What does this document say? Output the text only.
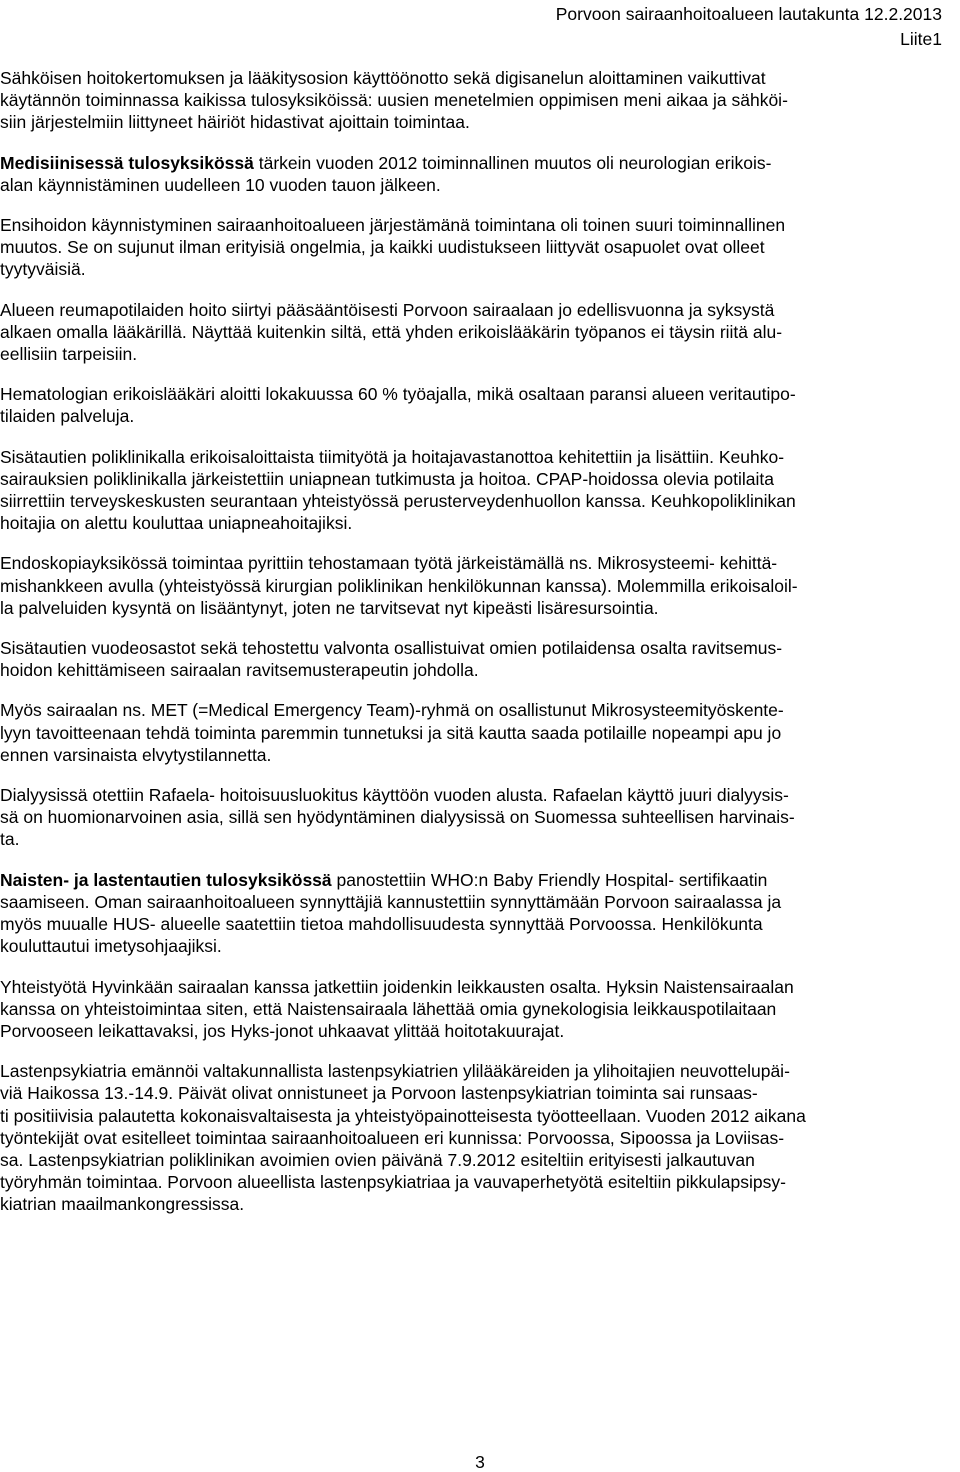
Porvoon sairaanhoitoalueen lautakunta 12.2.2013
Liite1

Sähköisen hoitokertomuksen ja lääkitysosion käyttöönotto sekä digisanelun aloittaminen vaikuttivat
käytännön toiminnassa kaikissa tulosyksiköissä: uusien menetelmien oppimisen meni aikaa ja sähköi-
siin järjestelmiin liittyneet häiriöt hidastivat ajoittain toimintaa.

Medisiinisessä tulosyksikössä tärkein vuoden 2012 toiminnallinen muutos oli neurologian erikois-
alan käynnistäminen uudelleen 10 vuoden tauon jälkeen.

Ensihoidon käynnistyminen sairaanhoitoalueen järjestämänä toimintana oli toinen suuri toiminnallinen
muutos. Se on sujunut ilman erityisiä ongelmia, ja kaikki uudistukseen liittyvät osapuolet ovat olleet
tyytyväisiä.

Alueen reumapotilaiden hoito siirtyi pääsääntöisesti Porvoon sairaalaan jo edellisvuonna ja syksystä
alkaen omalla lääkärillä. Näyttää kuitenkin siltä, että yhden erikoislääkärin työpanos ei täysin riitä alu-
eellisiin tarpeisiin.

Hematologian erikoislääkäri aloitti lokakuussa 60 % työajalla, mikä osaltaan paransi alueen veritautipo-
tilaiden palveluja.

Sisätautien poliklinikalla erikoisaloittaista tiimityötä ja hoitajavastanottoa kehitettiin ja lisättiin. Keuhko-
sairauksien poliklinikalla järkeistettiin uniapnean tutkimusta ja hoitoa. CPAP-hoidossa olevia potilaita
siirrettiin terveyskeskusten seurantaan yhteistyössä perusterveydenhuollon kanssa. Keuhkopoliklinikan
hoitajia on alettu kouluttaa uniapneahoitajiksi.

Endoskopiayksikössä toimintaa pyrittiin tehostamaan työtä järkeistämällä ns. Mikrosysteemi- kehittä-
mishankkeen avulla (yhteistyössä kirurgian poliklinikan henkilökunnan kanssa). Molemmilla erikoisaloil-
la palveluiden kysyntä on lisääntynyt, joten ne tarvitsevat nyt kipeästi lisäresursointia.

Sisätautien vuodeosastot sekä tehostettu valvonta osallistuivat omien potilaidensa osalta ravitsemus-
hoidon kehittämiseen sairaalan ravitsemusterapeutin johdolla.

Myös sairaalan ns. MET (=Medical Emergency Team)-ryhmä on osallistunut Mikrosysteemityöskente-
lyyn tavoitteenaan tehdä toiminta paremmin tunnetuksi ja sitä kautta saada potilaille nopeampi apu jo
ennen varsinaista elvytystilannetta.

Dialyysissä otettiin Rafaela- hoitoisuusluokitus käyttöön vuoden alusta. Rafaelan käyttö juuri dialyysis-
sä on huomionarvoinen asia, sillä sen hyödyntäminen dialyysissä on Suomessa suhteellisen harvinais-
ta.

Naisten- ja lastentautien tulosyksikössä panostettiin WHO:n Baby Friendly Hospital- sertifikaatin
saamiseen. Oman sairaanhoitoalueen synnyttäjiä kannustettiin synnyttämään Porvoon sairaalassa ja
myös muualle HUS- alueelle saatettiin tietoa mahdollisuudesta synnyttää Porvoossa. Henkilökunta
kouluttautui imetysohjaajiksi.

Yhteistyötä Hyvinkään sairaalan kanssa jatkettiin joidenkin leikkausten osalta. Hyksin Naistensairaalan
kanssa on yhteistoimintaa siten, että Naistensairaala lähettää omia gynekologisia leikkauspotilaitaan
Porvooseen leikattavaksi, jos Hyks-jonot uhkaavat ylittää hoitotakuurajat.

Lastenpsykiatria emännöi valtakunnallista lastenpsykiatrien ylilääkäreiden ja ylihoitajien neuvottelupäi-
viä Haikossa 13.-14.9. Päivät olivat onnistuneet ja Porvoon lastenpsykiatrian toiminta sai runsaas-
ti positiivisia palautetta kokonaisvaltaisesta ja yhteistyöpainotteisesta työotteellaan. Vuoden 2012 aikana
työntekijät ovat esitelleet toimintaa sairaanhoitoalueen eri kunnissa: Porvoossa, Sipoossa ja Loviisas-
sa. Lastenpsykiatrian poliklinikan avoimien ovien päivänä 7.9.2012 esiteltiin erityisesti jalkautuvan
työryhmän toimintaa. Porvoon alueellista lastenpsykiatriaa ja vauvaperhetyötä esiteltiin pikkulapsipsy-
kiatrian maailmankongressissa.

3
